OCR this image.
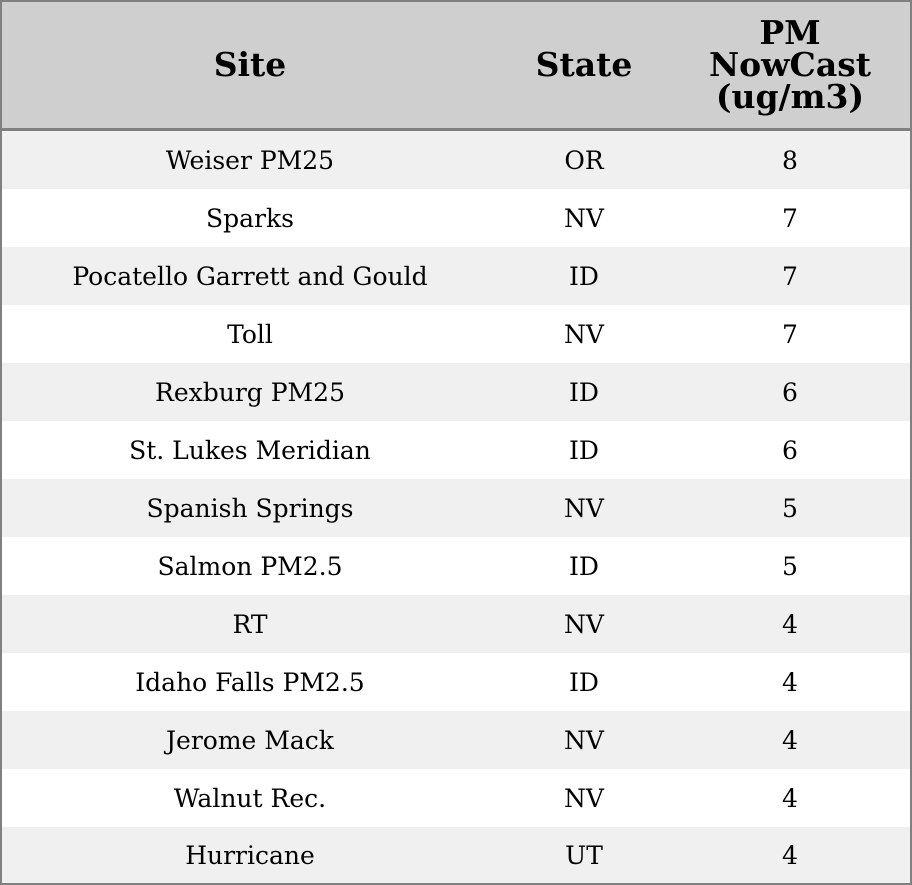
Site	State	PM
NowCast
(ug/m3)
Weiser PM25	OR	8
Sparks	NV	7
Pocatello Garrett and Gould	ID	7
Toll	NV	7
Rexburg PM25	ID	6
St. Lukes Meridian	ID	6
Spanish Springs	NV	5
Salmon PM2.5	ID	5
RT	NV	4
Idaho Falls PM2.5	ID	4
Jerome Mack	NV	4
Walnut Rec.	NV	4
Hurricane	UT	4
